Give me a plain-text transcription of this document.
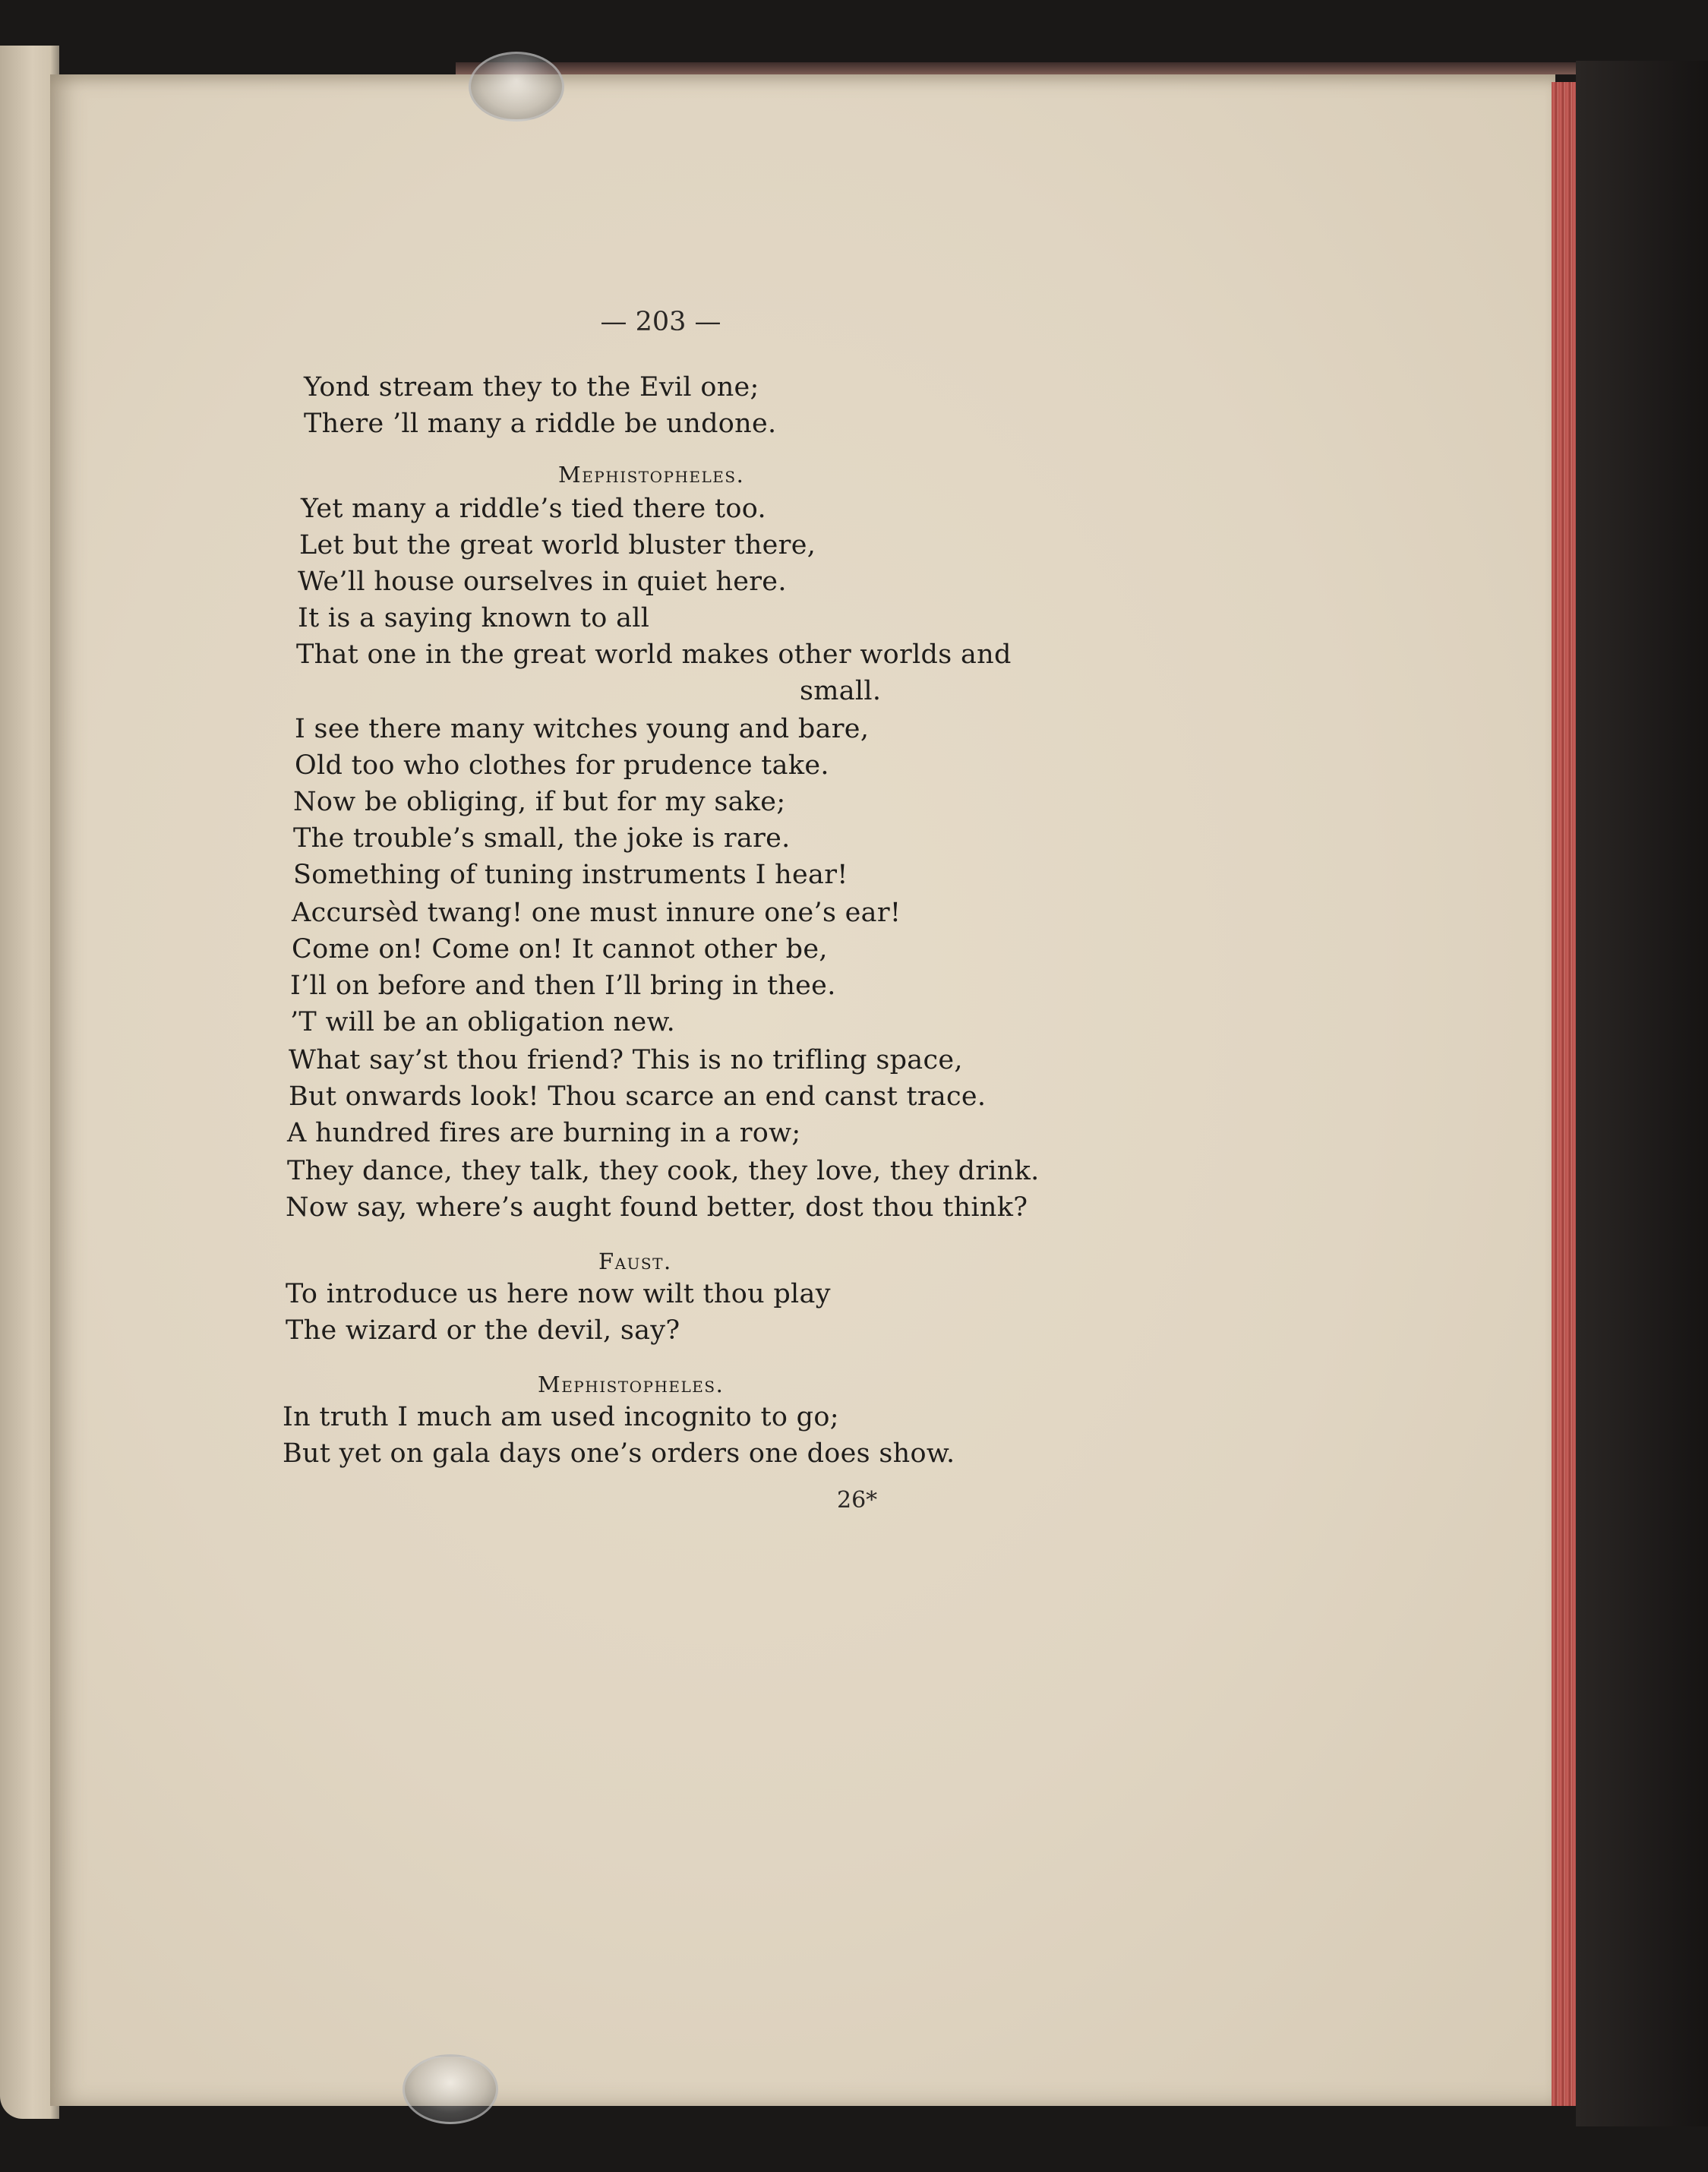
— 203 —
Yond stream they to the Evil one;
There ’ll many a riddle be undone.
Mephistopheles.
Yet many a riddle’s tied there too.
Let but the great world bluster there,
We’ll house ourselves in quiet here.
It is a saying known to all
That one in the great world makes other worlds and
small.
I see there many witches young and bare,
Old too who clothes for prudence take.
Now be obliging, if but for my sake;
The trouble’s small, the joke is rare.
Something of tuning instruments I hear!
Accursèd twang! one must innure one’s ear!
Come on! Come on! It cannot other be,
I’ll on before and then I’ll bring in thee.
’T will be an obligation new.
What say’st thou friend? This is no trifling space,
But onwards look! Thou scarce an end canst trace.
A hundred fires are burning in a row;
They dance, they talk, they cook, they love, they drink.
Now say, where’s aught found better, dost thou think?
Faust.
To introduce us here now wilt thou play
The wizard or the devil, say?
Mephistopheles.
In truth I much am used incognito to go;
But yet on gala days one’s orders one does show.
26*
